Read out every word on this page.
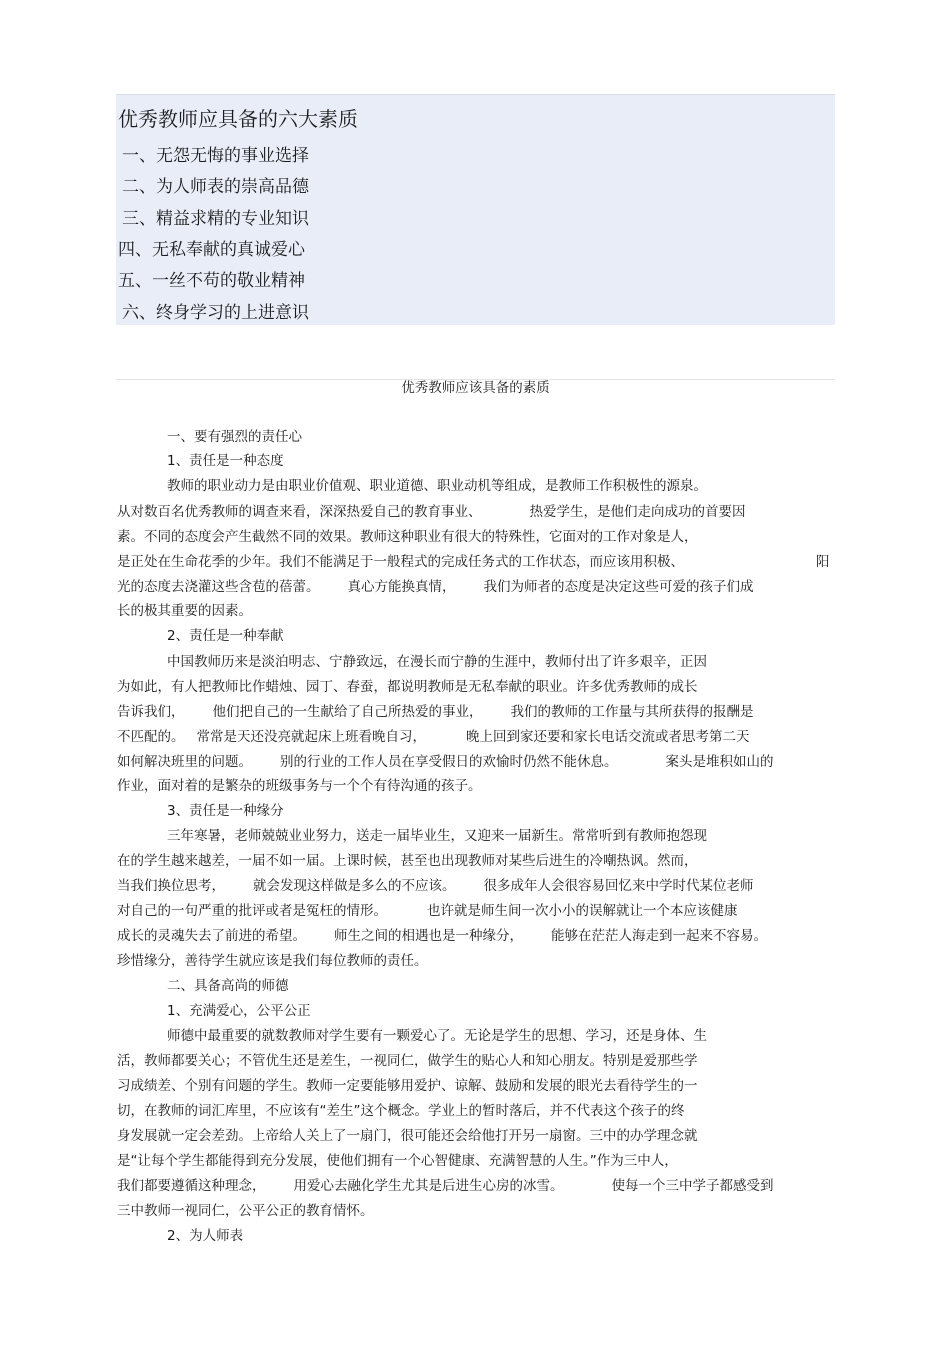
优秀教师应具备的六大素质
一、无怨无悔的事业选择
二、为人师表的崇高品德
三、精益求精的专业知识
四、无私奉献的真诚爱心
五、一丝不苟的敬业精神
六、终身学习的上进意识
优秀教师应该具备的素质
一、要有强烈的责任心
1、责任是一种态度
教师的职业动力是由职业价值观、职业道德、职业动机等组成，是教师工作积极性的源泉。
从对数百名优秀教师的调查来看，深深热爱自己的教育事业、	热爱学生，是他们走向成功的首要因
素。不同的态度会产生截然不同的效果。教师这种职业有很大的特殊性，它面对的工作对象是人，
是正处在生命花季的少年。我们不能满足于一般程式的完成任务式的工作状态，而应该用积极、	阳
光的态度去浇灌这些含苞的蓓蕾。 真心方能换真情， 我们为师者的态度是决定这些可爱的孩子们成
长的极其重要的因素。
2、责任是一种奉献
中国教师历来是淡泊明志、宁静致远，在漫长而宁静的生涯中，教师付出了许多艰辛，正因
为如此，有人把教师比作蜡烛、园丁、春蚕，都说明教师是无私奉献的职业。许多优秀教师的成长
告诉我们， 他们把自己的一生献给了自己所热爱的事业， 我们的教师的工作量与其所获得的报酬是
不匹配的。 常常是天还没亮就起床上班看晚自习，	晚上回到家还要和家长电话交流或者思考第二天
如何解决班里的问题。 别的行业的工作人员在享受假日的欢愉时仍然不能休息。	案头是堆积如山的
作业，面对着的是繁杂的班级事务与一个个有待沟通的孩子。
3、责任是一种缘分
三年寒暑，老师兢兢业业努力，送走一届毕业生，又迎来一届新生。常常听到有教师抱怨现
在的学生越来越差，一届不如一届。上课时候，甚至也出现教师对某些后进生的冷嘲热讽。然而，
当我们换位思考， 就会发现这样做是多么的不应该。 很多成年人会很容易回忆来中学时代某位老师
对自己的一句严重的批评或者是冤枉的情形。	也许就是师生间一次小小的误解就让一个本应该健康
成长的灵魂失去了前进的希望。 师生之间的相遇也是一种缘分， 能够在茫茫人海走到一起来不容易。
珍惜缘分，善待学生就应该是我们每位教师的责任。
二、具备高尚的师德
1、充满爱心，公平公正
师德中最重要的就数教师对学生要有一颗爱心了。无论是学生的思想、学习，还是身体、生
活，教师都要关心；不管优生还是差生，一视同仁，做学生的贴心人和知心朋友。特别是爱那些学
习成绩差、个别有问题的学生。教师一定要能够用爱护、谅解、鼓励和发展的眼光去看待学生的一
切，在教师的词汇库里，不应该有“差生”这个概念。学业上的暂时落后，并不代表这个孩子的终
身发展就一定会差劲。上帝给人关上了一扇门，很可能还会给他打开另一扇窗。三中的办学理念就
是“让每个学生都能得到充分发展，使他们拥有一个心智健康、充满智慧的人生。”作为三中人，
我们都要遵循这种理念， 用爱心去融化学生尤其是后进生心房的冰雪。	使每一个三中学子都感受到
三中教师一视同仁，公平公正的教育情怀。
2、为人师表
